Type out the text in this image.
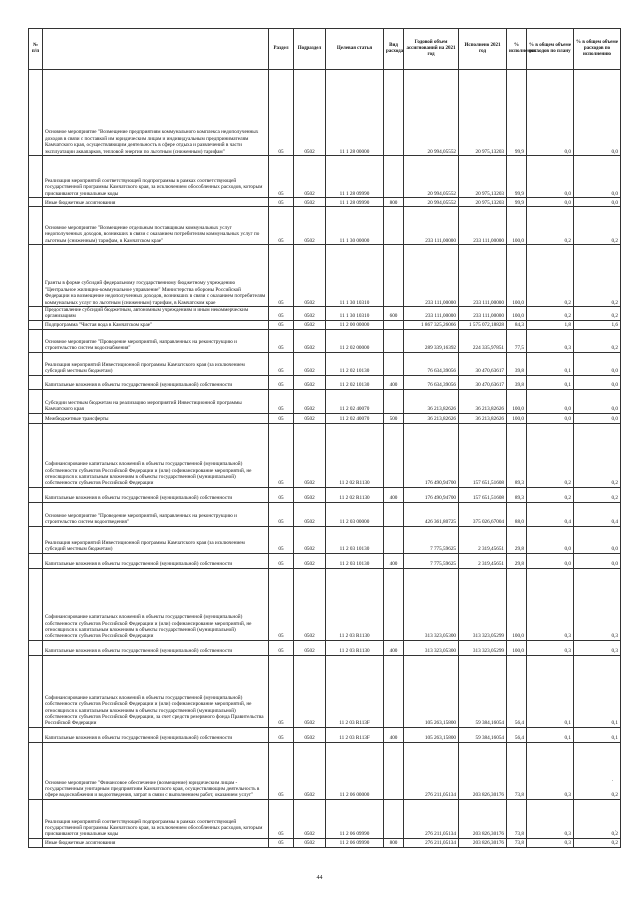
№ п/п		Раздел	Подраздел	Целевая статья	Вид расхода	Годовой объем ассигнований на 2021 год	Исполнено 2021 год	% исполнения	% в общем объеме расходов по плану	% в общем объеме расходов по исполнению
	Основное мероприятие "Возмещение предприятиям коммунального комплекса недополученных доходов в связи с поставкой им юридическим лицам и индивидуальным предпринимателям Камчатского края, осуществляющим деятельность в сфере отдыха и развлечений в части эксплуатации аквапарков, тепловой энергии по льготным (сниженным) тарифам"	05	0502	11 1 28 00000		20 994,05552	20 975,13203	99,9	0,0	0,0
	Реализация мероприятий соответствующей подпрограммы в рамках соответствующей государственной программы Камчатского края, за исключением обособленных расходов, которым присваиваются уникальные коды	05	0502	11 1 28 09990		20 994,05552	20 975,13203	99,9	0,0	0,0
	Иные бюджетные ассигнования	05	0502	11 1 28 09990	800	20 994,05552	20 975,13203	99,9	0,0	0,0
	Основное мероприятие "Возмещение отдельным поставщикам коммунальных услуг недополученных доходов, возникших в связи с оказанием потребителям коммунальных услуг по льготным (сниженным) тарифам, в Камчатском крае"	05	0502	11 1 30 00000		233 111,00000	233 111,00000	100,0	0,2	0,2
	Гранты в форме субсидий федеральному государственному бюджетному учреждению "Центральное жилищно-коммунальное управление" Министерства обороны Российской Федерации на возмещение недополученных доходов, возникших в связи с оказанием потребителям коммунальных услуг по льготным (сниженным) тарифам, в Камчатском крае	05	0502	11 1 30 10310		233 111,00000	233 111,00000	100,0	0,2	0,2
	Предоставление субсидий бюджетным, автономным учреждениям и иным некоммерческим организациям	05	0502	11 1 30 10310	600	233 111,00000	233 111,00000	100,0	0,2	0,2
	Подпрограмма "Чистая вода в Камчатском крае"	05	0502	11 2 00 00000		1 867 325,26066	1 575 072,18828	84,3	1,8	1,6
	Основное мероприятие "Проведение мероприятий, направленных на реконструкцию и строительство систем водоснабжения"	05	0502	11 2 02 00000		289 339,16392	224 335,97851	77,5	0,3	0,2
	Реализация мероприятий Инвестиционной программы Камчатского края (за исключением субсидий местным бюджетам)	05	0502	11 2 02 10130		76 634,39056	30 470,63617	39,8	0,1	0,0
	Капитальные вложения в объекты государственной (муниципальной) собственности	05	0502	11 2 02 10130	400	76 634,39056	30 470,63617	39,8	0,1	0,0
	Субсидии местным бюджетам на реализацию мероприятий Инвестиционной программы Камчатского края	05	0502	11 2 02 40070		36 213,82626	36 213,82626	100,0	0,0	0,0
	Межбюджетные трансферты	05	0502	11 2 02 40070	500	36 213,82626	36 213,82626	100,0	0,0	0,0
	Софинансирование капитальных вложений в объекты государственной (муниципальной) собственности субъектов Российской Федерации и (или) софинансирование мероприятий, не относящихся к капитальным вложениям в объекты государственной (муниципальной) собственности субъектов Российской Федерации	05	0502	11 2 02 R1130		176 490,94700	157 651,51608	89,3	0,2	0,2
	Капитальные вложения в объекты государственной (муниципальной) собственности	05	0502	11 2 02 R1130	400	176 490,94700	157 651,51608	89,3	0,2	0,2
	Основное мероприятие "Проведение мероприятий, направленных на реконструкцию и строительство систем водоотведения"	05	0502	11 2 03 00000		426 361,80725	375 026,67004	88,0	0,4	0,4
	Реализация мероприятий Инвестиционной программы Камчатского края (за исключением субсидий местным бюджетам)	05	0502	11 2 03 10130		7 775,59625	2 319,45651	29,8	0,0	0,0
	Капитальные вложения в объекты государственной (муниципальной) собственности	05	0502	11 2 03 10130	400	7 775,59625	2 319,45651	29,8	0,0	0,0
	Софинансирование капитальных вложений в объекты государственной (муниципальной) собственности субъектов Российской Федерации и (или) софинансирование мероприятий, не относящихся к капитальным вложениям в объекты государственной (муниципальной) собственности субъектов Российской Федерации	05	0502	11 2 03 R1130		313 323,05300	313 323,05299	100,0	0,3	0,3
	Капитальные вложения в объекты государственной (муниципальной) собственности	05	0502	11 2 03 R1130	400	313 323,05300	313 323,05299	100,0	0,3	0,3
	Софинансирование капитальных вложений в объекты государственной (муниципальной) собственности субъектов Российской Федерации и (или) софинансирование мероприятий, не относящихся к капитальным вложениям в объекты государственной (муниципальной) собственности субъектов Российской Федерации, за счет средств резервного фонда Правительства Российской Федерации	05	0502	11 2 03 R113F		105 263,15800	59 384,16054	56,4	0,1	0,1
	Капитальные вложения в объекты государственной (муниципальной) собственности	05	0502	11 2 03 R113F	400	105 263,15800	59 384,16054	56,4	0,1	0,1
	Основное мероприятие "Финансовое обеспечение (возмещение) юридическим лицам - государственным унитарным предприятиям Камчатского края, осуществляющим деятельность в сфере водоснабжения и водоотведения, затрат в связи с выполнением работ, оказанием услуг"	05	0502	11 2 06 00000		276 211,05134	203 826,30176	73,8	0,3	0,2
	Реализация мероприятий соответствующей подпрограммы в рамках соответствующей государственной программы Камчатского края, за исключением обособленных расходов, которым присваиваются уникальные коды	05	0502	11 2 06 09990		276 211,05134	203 826,30176	73,8	0,3	0,2
	Иные бюджетные ассигнования	05	0502	11 2 06 09990	800	276 211,05134	203 826,30176	73,8	0,3	0,2
44
